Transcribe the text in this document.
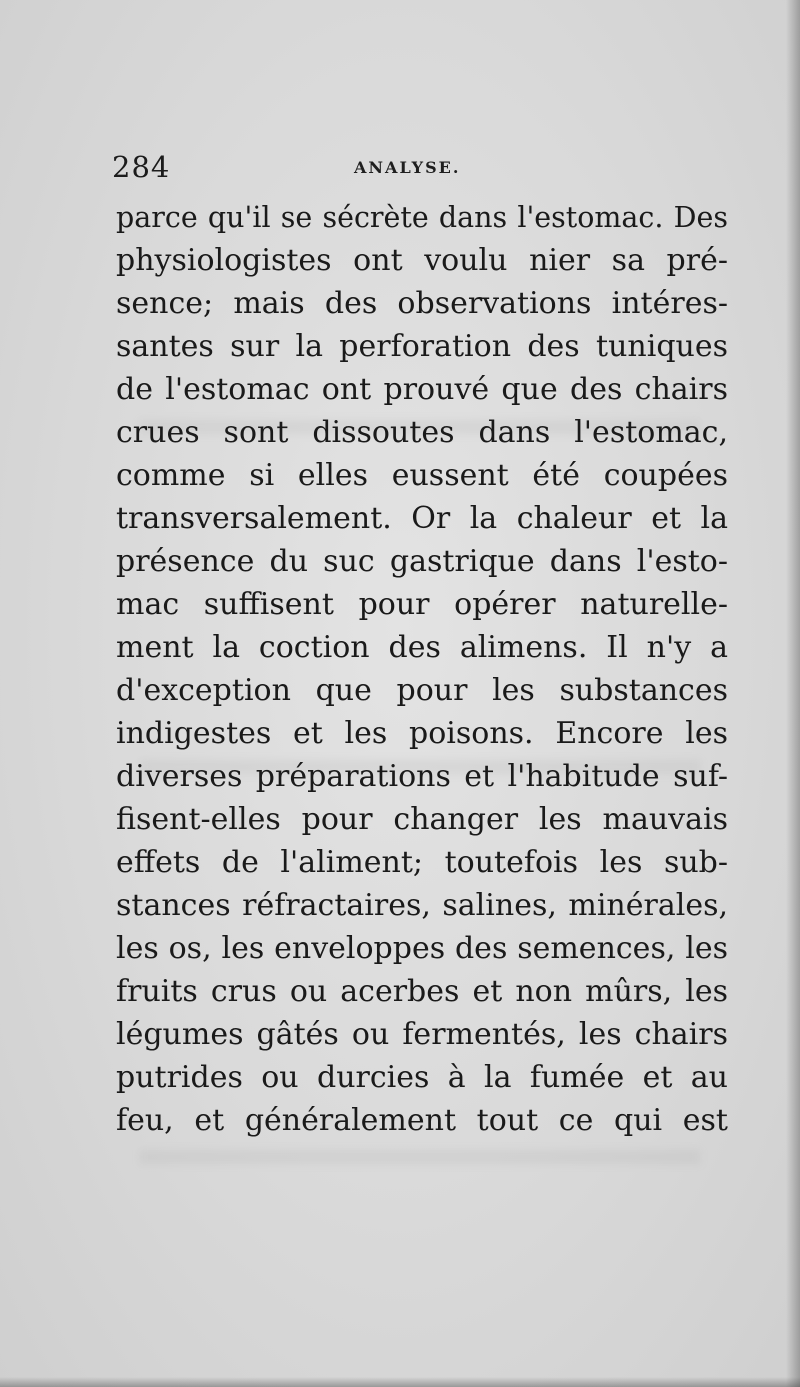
284	ANALYSE.
parce qu'il se sécrète dans l'estomac. Des
physiologistes ont voulu nier sa pré-
sence; mais des observations intéres-
santes sur la perforation des tuniques
de l'estomac ont prouvé que des chairs
crues sont dissoutes dans l'estomac,
comme si elles eussent été coupées
transversalement. Or la chaleur et la
présence du suc gastrique dans l'esto-
mac suffisent pour opérer naturelle-
ment la coction des alimens. Il n'y a
d'exception que pour les substances
indigestes et les poisons. Encore les
diverses préparations et l'habitude suf-
fisent-elles pour changer les mauvais
effets de l'aliment; toutefois les sub-
stances réfractaires, salines, minérales,
les os, les enveloppes des semences, les
fruits crus ou acerbes et non mûrs, les
légumes gâtés ou fermentés, les chairs
putrides ou durcies à la fumée et au
feu, et généralement tout ce qui est
